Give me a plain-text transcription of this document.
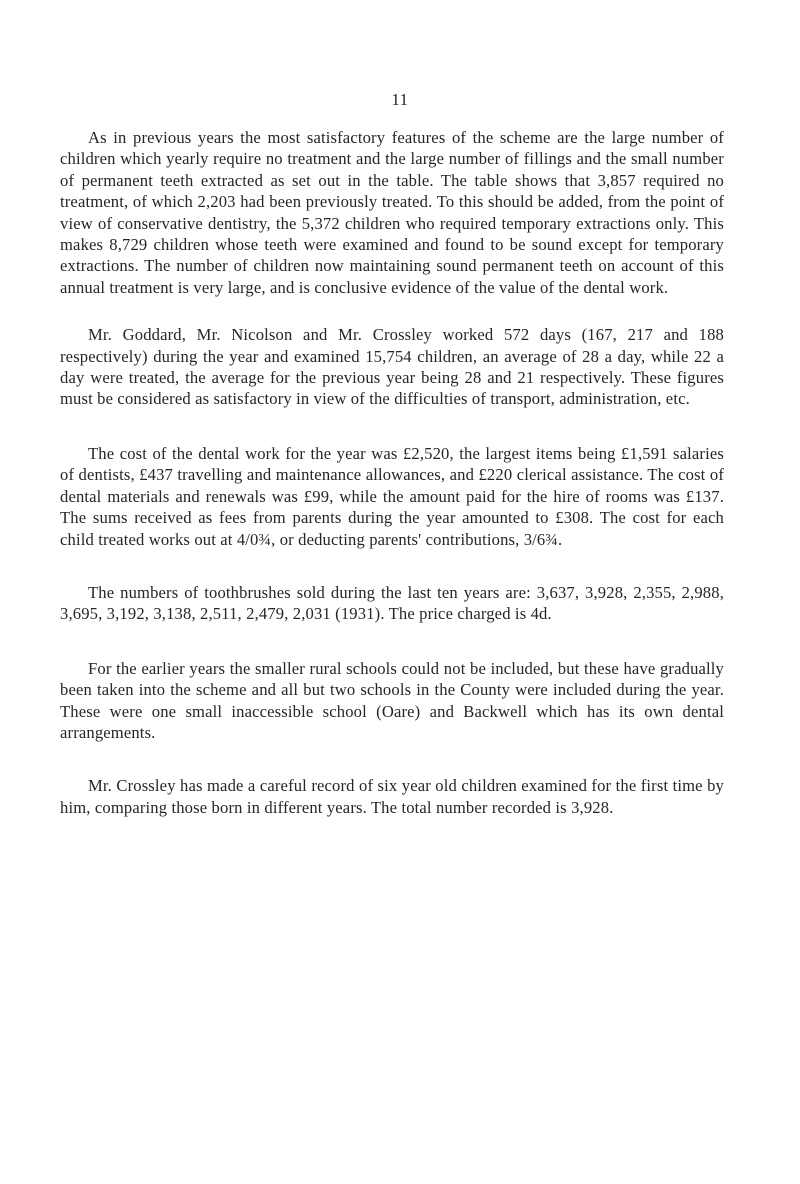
11

As in previous years the most satisfactory features of the scheme are the large number of children which yearly require no treatment and the large number of fillings and the small number of permanent teeth extracted as set out in the table. The table shows that 3,857 required no treatment, of which 2,203 had been previously treated. To this should be added, from the point of view of conservative dentistry, the 5,372 children who required temporary extractions only. This makes 8,729 children whose teeth were examined and found to be sound except for temporary extractions. The number of children now maintaining sound permanent teeth on account of this annual treatment is very large, and is conclusive evidence of the value of the dental work.

Mr. Goddard, Mr. Nicolson and Mr. Crossley worked 572 days (167, 217 and 188 respectively) during the year and examined 15,754 children, an average of 28 a day, while 22 a day were treated, the average for the previous year being 28 and 21 respectively. These figures must be considered as satisfactory in view of the difficulties of transport, administration, etc.

The cost of the dental work for the year was £2,520, the largest items being £1,591 salaries of dentists, £437 travelling and maintenance allowances, and £220 clerical assistance. The cost of dental materials and renewals was £99, while the amount paid for the hire of rooms was £137. The sums received as fees from parents during the year amounted to £308. The cost for each child treated works out at 4/0¾, or deducting parents' contributions, 3/6¾.

The numbers of toothbrushes sold during the last ten years are: 3,637, 3,928, 2,355, 2,988, 3,695, 3,192, 3,138, 2,511, 2,479, 2,031 (1931). The price charged is 4d.

For the earlier years the smaller rural schools could not be included, but these have gradually been taken into the scheme and all but two schools in the County were included during the year. These were one small inaccessible school (Oare) and Backwell which has its own dental arrangements.

Mr. Crossley has made a careful record of six year old children examined for the first time by him, comparing those born in different years. The total number recorded is 3,928.
